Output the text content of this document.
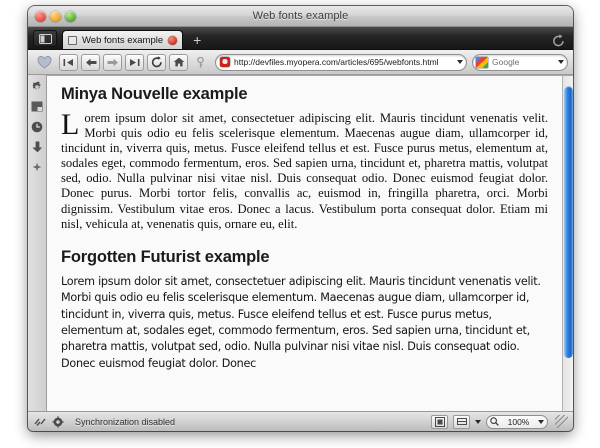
Web fonts example
Web fonts example +
http://devfiles.myopera.com/articles/695/webfonts.html	Google
Minya Nouvelle example

Lorem ipsum dolor sit amet, consectetuer adipiscing elit. Mauris tincidunt venenatis velit. Morbi quis odio eu felis scelerisque elementum. Maecenas augue diam, ullamcorper id, tincidunt in, viverra quis, metus. Fusce eleifend tellus et est. Fusce purus metus, elementum at, sodales eget, commodo fermentum, eros. Sed sapien urna, tincidunt et, pharetra mattis, volutpat sed, odio. Nulla pulvinar nisi vitae nisl. Duis consequat odio. Donec euismod feugiat dolor. Donec purus. Morbi tortor felis, convallis ac, euismod in, fringilla pharetra, orci. Morbi dignissim. Vestibulum vitae eros. Donec a lacus. Vestibulum porta consequat dolor. Etiam mi nisl, vehicula at, venenatis quis, ornare eu, elit.

Forgotten Futurist example

Lorem ipsum dolor sit amet, consectetuer adipiscing elit. Mauris tincidunt venenatis velit. Morbi quis odio eu felis scelerisque elementum. Maecenas augue diam, ullamcorper id, tincidunt in, viverra quis, metus. Fusce eleifend tellus et est. Fusce purus metus, elementum at, sodales eget, commodo fermentum, eros. Sed sapien urna, tincidunt et, pharetra mattis, volutpat sed, odio. Nulla pulvinar nisi vitae nisl. Duis consequat odio. Donec euismod feugiat dolor. Donec

Synchronization disabled	100%
